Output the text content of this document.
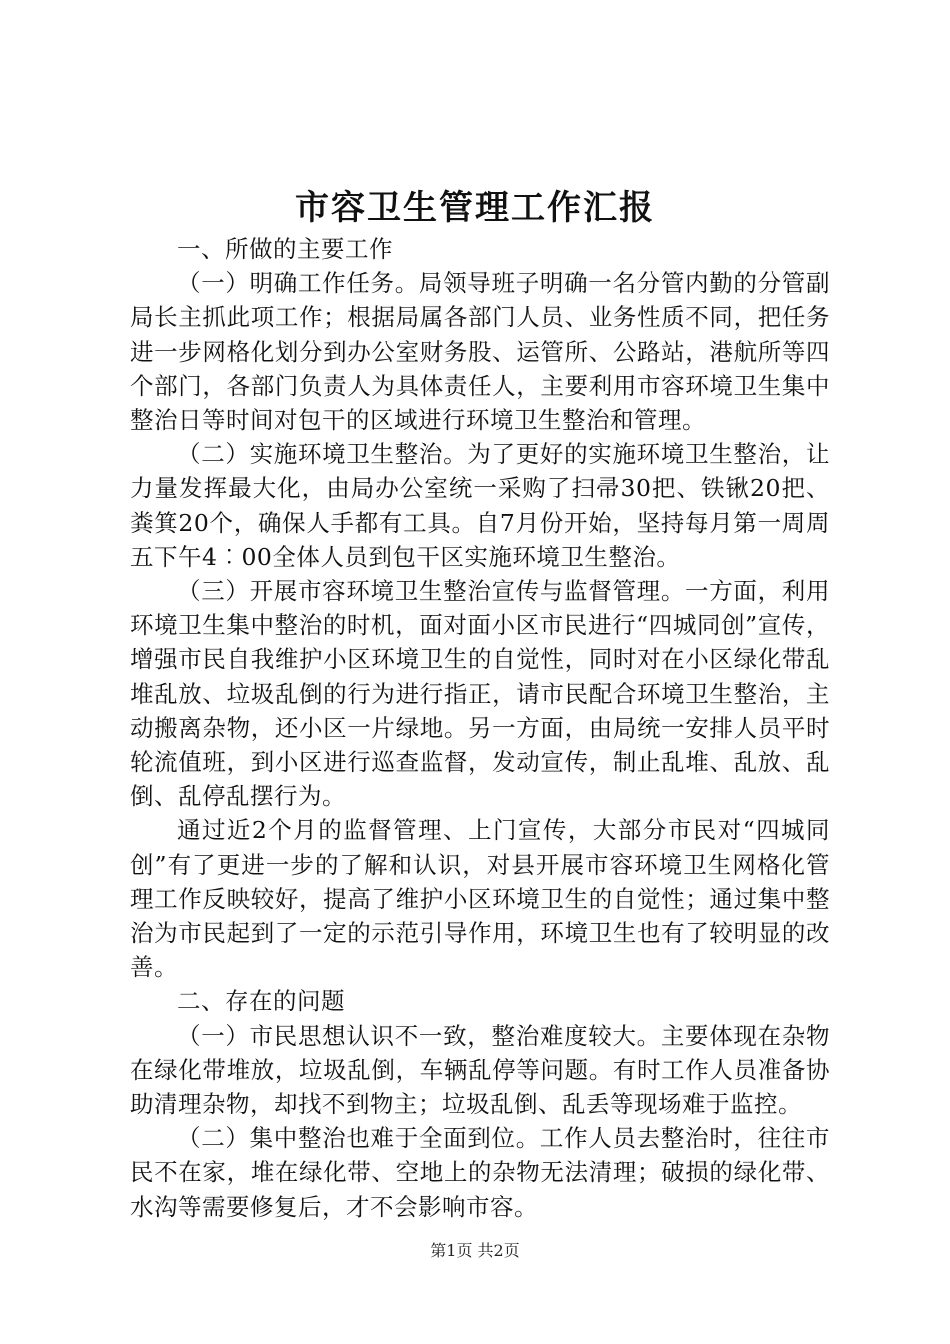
市容卫生管理工作汇报

一、所做的主要工作

（一）明确工作任务。局领导班子明确一名分管内勤的分管副局长主抓此项工作；根据局属各部门人员、业务性质不同，把任务进一步网格化划分到办公室财务股、运管所、公路站，港航所等四个部门，各部门负责人为具体责任人，主要利用市容环境卫生集中整治日等时间对包干的区域进行环境卫生整治和管理。

（二）实施环境卫生整治。为了更好的实施环境卫生整治，让力量发挥最大化，由局办公室统一采购了扫帚30把、铁锹20把、粪箕20个，确保人手都有工具。自7月份开始，坚持每月第一周周五下午4︰00全体人员到包干区实施环境卫生整治。

（三）开展市容环境卫生整治宣传与监督管理。一方面，利用环境卫生集中整治的时机，面对面小区市民进行“四城同创”宣传，增强市民自我维护小区环境卫生的自觉性，同时对在小区绿化带乱堆乱放、垃圾乱倒的行为进行指正，请市民配合环境卫生整治，主动搬离杂物，还小区一片绿地。另一方面，由局统一安排人员平时轮流值班，到小区进行巡查监督，发动宣传，制止乱堆、乱放、乱倒、乱停乱摆行为。

通过近2个月的监督管理、上门宣传，大部分市民对“四城同创”有了更进一步的了解和认识，对县开展市容环境卫生网格化管理工作反映较好，提高了维护小区环境卫生的自觉性；通过集中整治为市民起到了一定的示范引导作用，环境卫生也有了较明显的改善。

二、存在的问题

（一）市民思想认识不一致，整治难度较大。主要体现在杂物在绿化带堆放，垃圾乱倒，车辆乱停等问题。有时工作人员准备协助清理杂物，却找不到物主；垃圾乱倒、乱丢等现场难于监控。

（二）集中整治也难于全面到位。工作人员去整治时，往往市民不在家，堆在绿化带、空地上的杂物无法清理；破损的绿化带、水沟等需要修复后，才不会影响市容。

第1页 共2页
